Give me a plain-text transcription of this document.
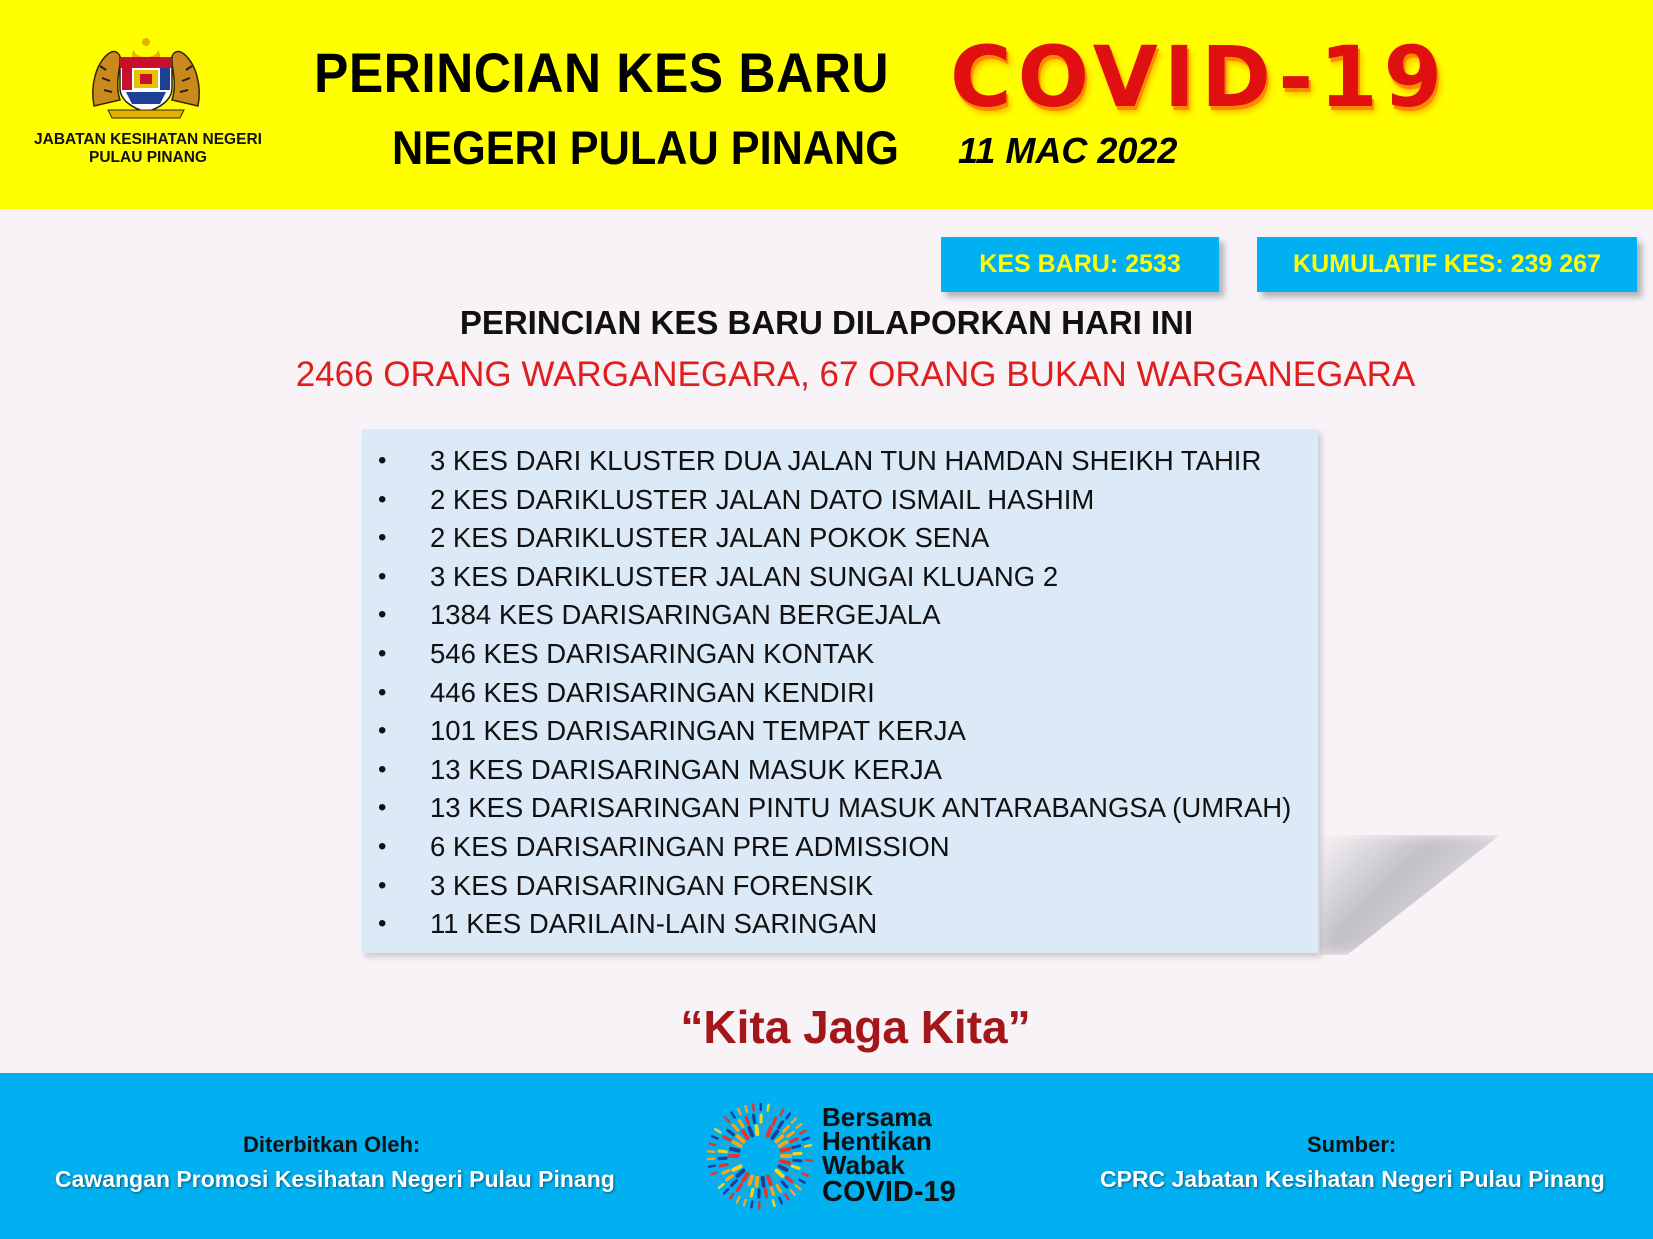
JABATAN KESIHATAN NEGERI
PULAU PINANG
PERINCIAN KES BARU COVID-19
NEGERI PULAU PINANG 11 MAC 2022
KES BARU: 2533	KUMULATIF KES: 239 267
PERINCIAN KES BARU DILAPORKAN HARI INI
2466 ORANG WARGANEGARA, 67 ORANG BUKAN WARGANEGARA
• 3 KES DARI KLUSTER DUA JALAN TUN HAMDAN SHEIKH TAHIR
• 2 KES DARIKLUSTER JALAN DATO ISMAIL HASHIM
• 2 KES DARIKLUSTER JALAN POKOK SENA
• 3 KES DARIKLUSTER JALAN SUNGAI KLUANG 2
• 1384 KES DARISARINGAN BERGEJALA
• 546 KES DARISARINGAN KONTAK
• 446 KES DARISARINGAN KENDIRI
• 101 KES DARISARINGAN TEMPAT KERJA
• 13 KES DARISARINGAN MASUK KERJA
• 13 KES DARISARINGAN PINTU MASUK ANTARABANGSA (UMRAH)
• 6 KES DARISARINGAN PRE ADMISSION
• 3 KES DARISARINGAN FORENSIK
• 11 KES DARILAIN-LAIN SARINGAN
“Kita Jaga Kita”
Diterbitkan Oleh:
Cawangan Promosi Kesihatan Negeri Pulau Pinang
Sumber:
CPRC Jabatan Kesihatan Negeri Pulau Pinang
Bersama
Hentikan
Wabak
COVID-19
